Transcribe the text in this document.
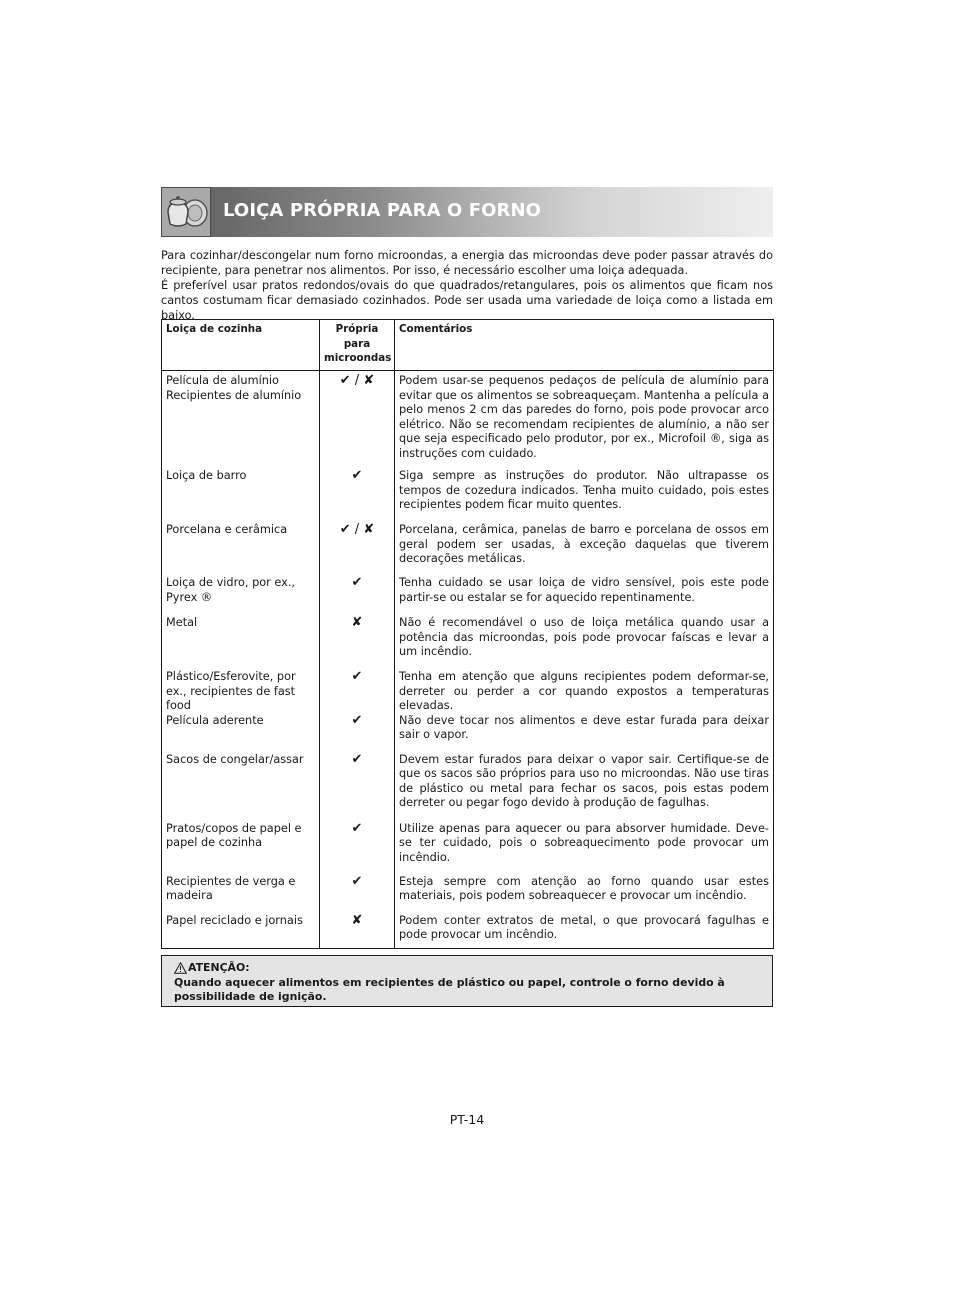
LOIÇA PRÓPRIA PARA O FORNO

Para cozinhar/descongelar num forno microondas, a energia das microondas deve poder passar através do recipiente, para penetrar nos alimentos. Por isso, é necessário escolher uma loiça adequada.

É preferível usar pratos redondos/ovais do que quadrados/retangulares, pois os alimentos que ficam nos cantos costumam ficar demasiado cozinhados. Pode ser usada uma variedade de loiça como a listada em baixo.

Loiça de cozinha	Própria para microondas	Comentários
Película de alumínio Recipientes de alumínio	✔ / ✘	Podem usar-se pequenos pedaços de película de alumínio para evitar que os alimentos se sobreaqueçam. Mantenha a película a pelo menos 2 cm das paredes do forno, pois pode provocar arco elétrico. Não se recomendam recipientes de alumínio, a não ser que seja especificado pelo produtor, por ex., Microfoil ®, siga as instruções com cuidado.
Loiça de barro	✔	Siga sempre as instruções do produtor. Não ultrapasse os tempos de cozedura indicados. Tenha muito cuidado, pois estes recipientes podem ficar muito quentes.
Porcelana e cerâmica	✔ / ✘	Porcelana, cerâmica, panelas de barro e porcelana de ossos em geral podem ser usadas, à exceção daquelas que tiverem decorações metálicas.
Loiça de vidro, por ex., Pyrex ®	✔	Tenha cuidado se usar loiça de vidro sensível, pois este pode partir-se ou estalar se for aquecido repentinamente.
Metal	✘	Não é recomendável o uso de loiça metálica quando usar a potência das microondas, pois pode provocar faíscas e levar a um incêndio.
Plástico/Esferovite, por ex., recipientes de fast food	✔	Tenha em atenção que alguns recipientes podem deformar-se, derreter ou perder a cor quando expostos a temperaturas elevadas.
Película aderente	✔	Não deve tocar nos alimentos e deve estar furada para deixar sair o vapor.
Sacos de congelar/assar	✔	Devem estar furados para deixar o vapor sair. Certifique-se de que os sacos são próprios para uso no microondas. Não use tiras de plástico ou metal para fechar os sacos, pois estas podem derreter ou pegar fogo devido à produção de fagulhas.
Pratos/copos de papel e papel de cozinha	✔	Utilize apenas para aquecer ou para absorver humidade. Deve-se ter cuidado, pois o sobreaquecimento pode provocar um incêndio.
Recipientes de verga e madeira	✔	Esteja sempre com atenção ao forno quando usar estes materiais, pois podem sobreaquecer e provocar um incêndio.
Papel reciclado e jornais	✘	Podem conter extratos de metal, o que provocará fagulhas e pode provocar um incêndio.
ATENÇÃO:
Quando aquecer alimentos em recipientes de plástico ou papel, controle o forno devido à possibilidade de ignição.
PT-14
